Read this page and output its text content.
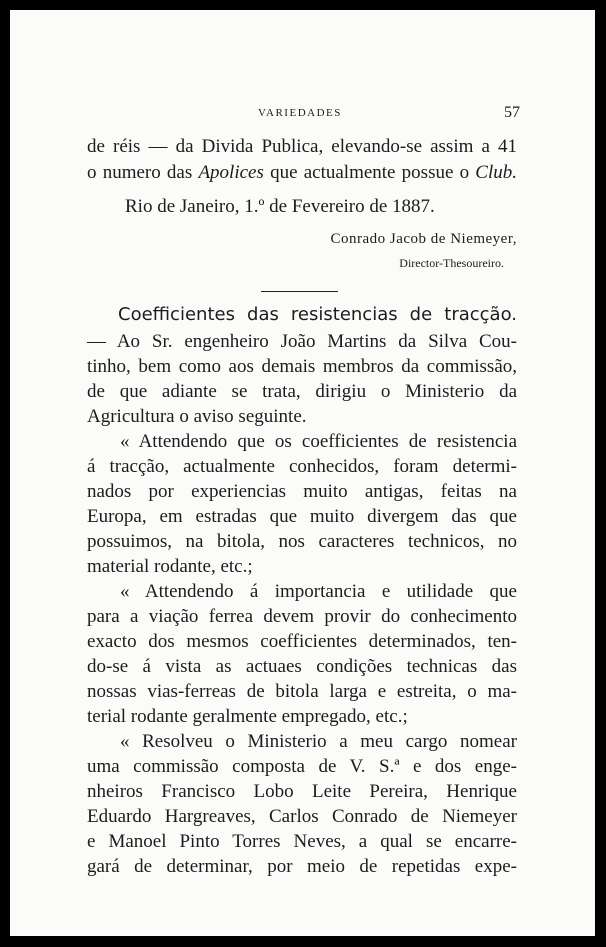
VARIEDADES	57

de réis — da Divida Publica, elevando-se assim a 41

o numero das Apolices que actualmente possue o Club.

Rio de Janeiro, 1.º de Fevereiro de 1887.

Conrado Jacob de Niemeyer,
Director-Thesoureiro.
Coefficientes das resistencias de tracção.

— Ao Sr. engenheiro João Martins da Silva Cou-

tinho, bem como aos demais membros da commissão,

de que adiante se trata, dirigiu o Ministerio da

Agricultura o aviso seguinte.

« Attendendo que os coefficientes de resistencia

á tracção, actualmente conhecidos, foram determi-

nados por experiencias muito antigas, feitas na

Europa, em estradas que muito divergem das que

possuimos, na bitola, nos caracteres technicos, no

material rodante, etc.;

« Attendendo á importancia e utilidade que

para a viação ferrea devem provir do conhecimento

exacto dos mesmos coefficientes determinados, ten-

do-se á vista as actuaes condições technicas das

nossas vias-ferreas de bitola larga e estreita, o ma-

terial rodante geralmente empregado, etc.;

« Resolveu o Ministerio a meu cargo nomear

uma commissão composta de V. S.ª e dos enge-

nheiros Francisco Lobo Leite Pereira, Henrique

Eduardo Hargreaves, Carlos Conrado de Niemeyer

e Manoel Pinto Torres Neves, a qual se encarre-

gará de determinar, por meio de repetidas expe-
